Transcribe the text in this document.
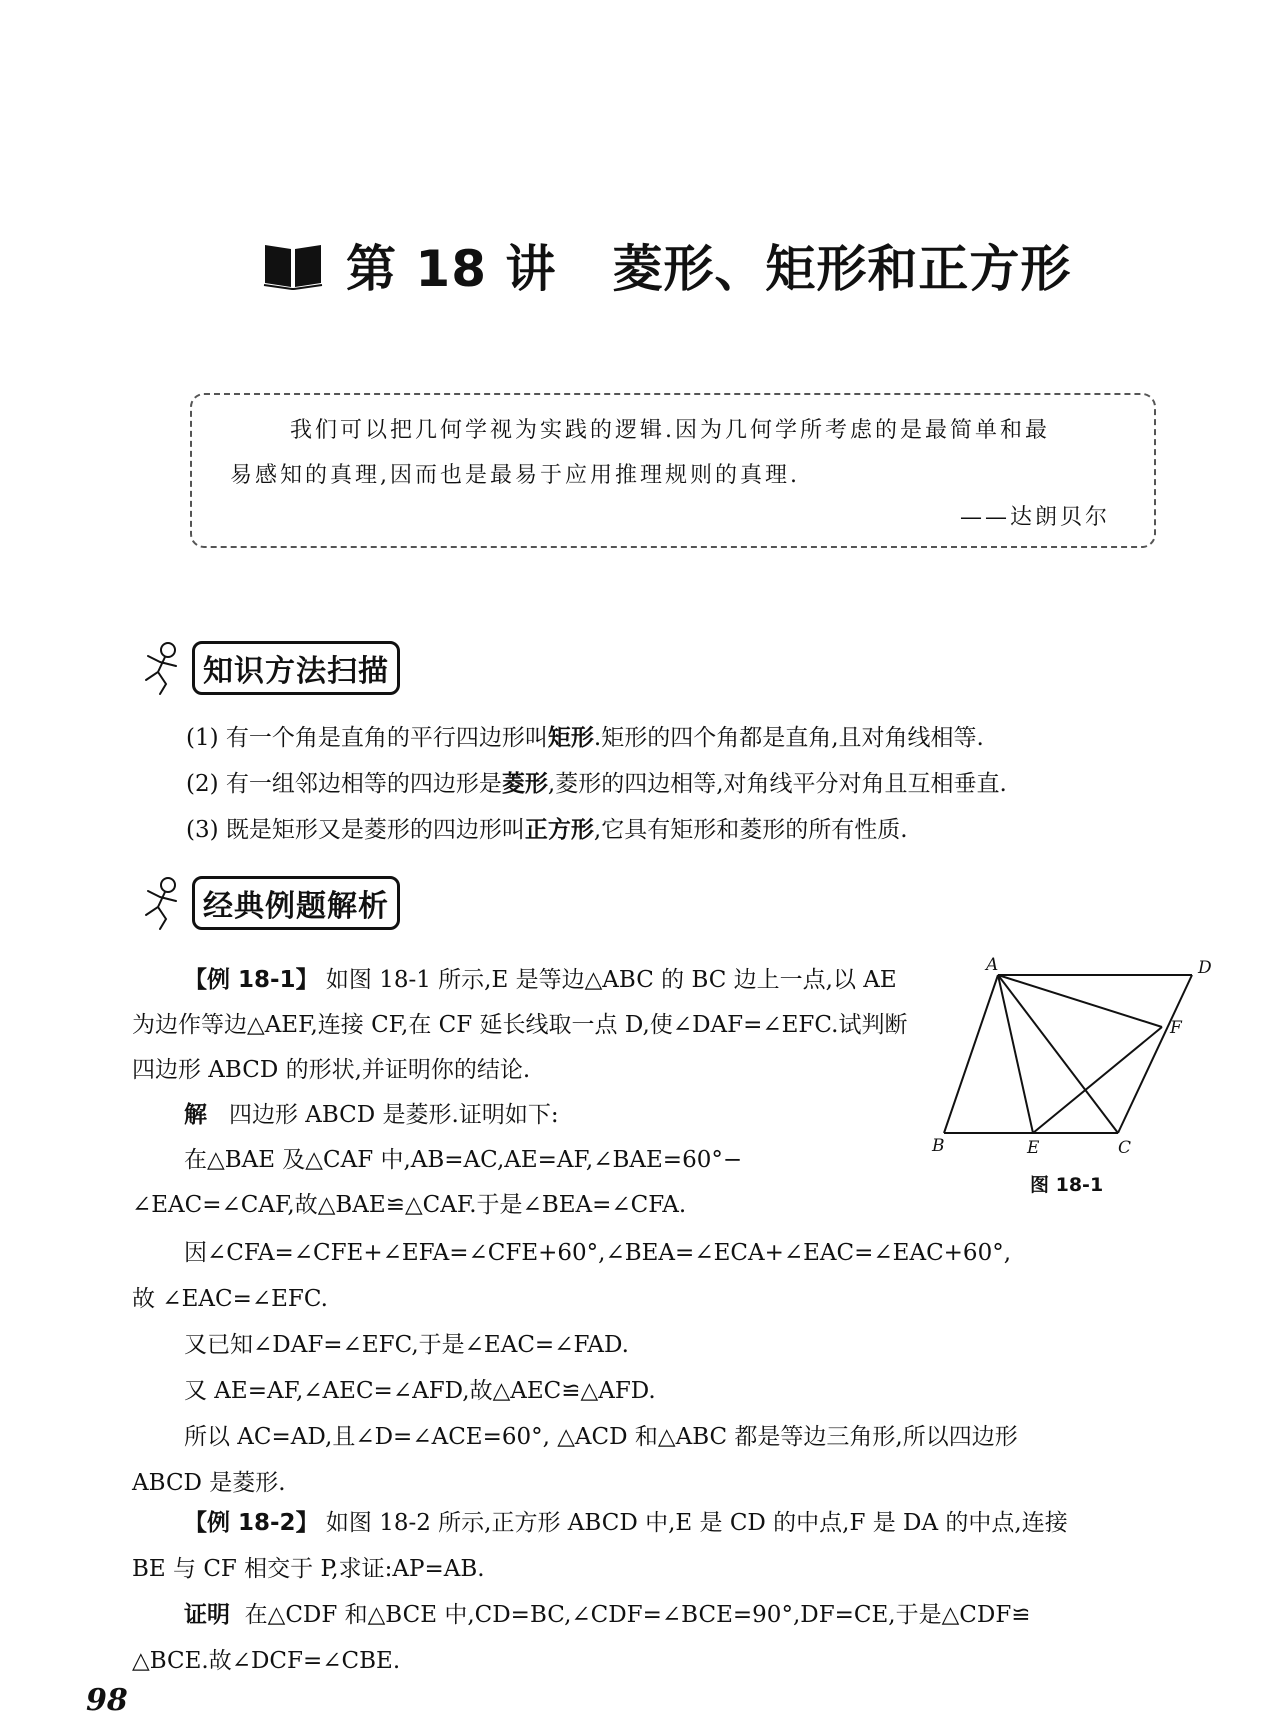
第 18 讲 菱形、矩形和正方形

我们可以把几何学视为实践的逻辑.因为几何学所考虑的是最简单和最

易感知的真理,因而也是最易于应用推理规则的真理.

——达朗贝尔
知识方法扫描

(1) 有一个角是直角的平行四边形叫矩形.矩形的四个角都是直角,且对角线相等.

(2) 有一组邻边相等的四边形是菱形,菱形的四边相等,对角线平分对角且互相垂直.

(3) 既是矩形又是菱形的四边形叫正方形,它具有矩形和菱形的所有性质.

经典例题解析

【例 18-1】 如图 18-1 所示,E 是等边△ABC 的 BC 边上一点,以 AE 为边作等边△AEF,连接 CF,在 CF 延长线取一点 D,使∠DAF=∠EFC.试判断四边形 ABCD 的形状,并证明你的结论.

解 四边形 ABCD 是菱形.证明如下:

在△BAE 及△CAF 中,AB=AC,AE=AF,∠BAE=60°−

∠EAC=∠CAF,故△BAE≌△CAF.于是∠BEA=∠CFA.

因∠CFA=∠CFE+∠EFA=∠CFE+60°,∠BEA=∠ECA+∠EAC=∠EAC+60°,

故 ∠EAC=∠EFC.

又已知∠DAF=∠EFC,于是∠EAC=∠FAD.

又 AE=AF,∠AEC=∠AFD,故△AEC≌△AFD.

所以 AC=AD,且∠D=∠ACE=60°, △ACD 和△ABC 都是等边三角形,所以四边形

ABCD 是菱形.

A	D
F
B	E	C
图 18-1

【例 18-2】 如图 18-2 所示,正方形 ABCD 中,E 是 CD 的中点,F 是 DA 的中点,连接

BE 与 CF 相交于 P,求证:AP=AB.

证明 在△CDF 和△BCE 中,CD=BC,∠CDF=∠BCE=90°,DF=CE,于是△CDF≌

△BCE.故∠DCF=∠CBE.

98
